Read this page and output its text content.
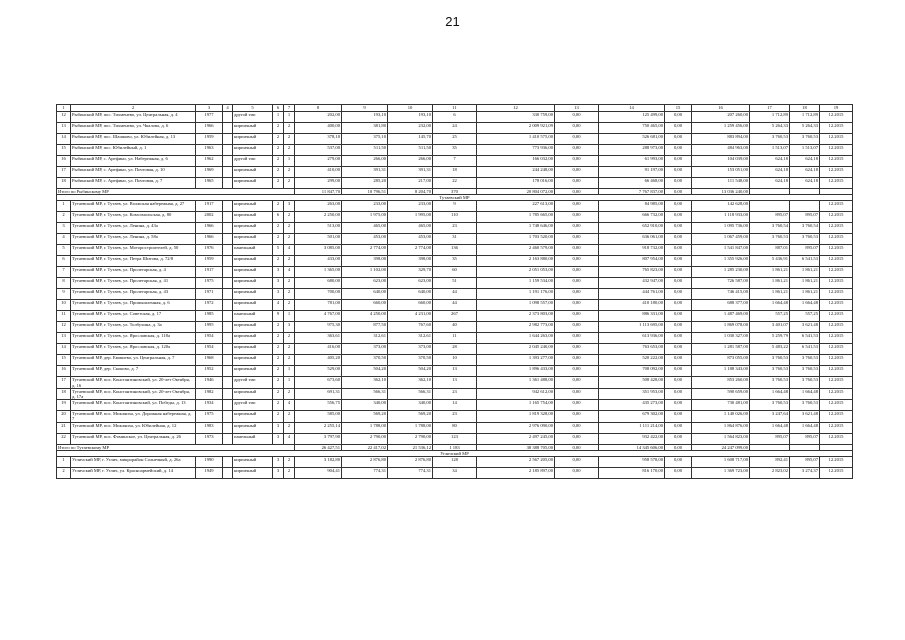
21
1	2	3	4	5	6	7	8	9	10	11	12	13	14	15	16	17	18	19
12	Рыбинский МР, пос. Тихменево, ул. Центральная, д. 4	1977		другой тип	1	1	202,00	193,10	193,10	6	330 759,00	0,00	125 499,00	0,00	207 260,00	1 712,89	1 712,89	12.2015
13	Рыбинский МР, пос. Тихменево, ул. Чкалова, д. 6	1966		кирпичный	2	2	400,00	381,80	232,00	24	2 009 921,09	0,00	750 465,00	0,00	1 259 456,00	5 264,33	5 264,33	12.2015
14	Рыбинский МР, пос. Шашково, ул. Юбилейная, д. 13	1959		кирпичный	2	2	378,10	375,10	145,70	25	1 410 575,00	0,00	526 681,00	0,00	883 894,00	3 760,53	3 760,53	12.2015
15	Рыбинский МР, пос. Юбилейный, д. 1	1963		кирпичный	2	2	537,00	511,50	511,50	35	773 936,00	0,00	288 973,00	0,00	484 963,00	1 513,07	1 513,07	12.2015
16	Рыбинский МР, с. Арефино, ул. Набережная, д. 6	1962		другой тип	2	1	279,00	266,00	266,00	7	166 032,00	0,00	61 993,00	0,00	104 039,00	624,18	624,18	12.2015
17	Рыбинский МР, с. Арефино, ул. Почтовая, д. 10	1969		кирпичный	2	2	410,00	391,31	391,31	18	244 248,00	0,00	91 197,00	0,00	153 051,00	624,18	624,18	12.2015
18	Рыбинский МР, с. Арефино, ул. Почтовая, д. 7	1965		кирпичный	2	2	299,00	285,20	217,00	22	178 016,00	0,00	66 468,00	0,00	111 548,00	624,18	624,18	12.2015
Итого по Рыбинскому МР							11 847,70	10 796,51	8 204,70	370	20 804 072,00	0,00	7 767 837,00	0,00	13 036 240,00			
Тутаевский МР																		
1	Тутаевский МР, г. Тутаев, ул. Волжская набережная, д. 27	1917		кирпичный	2	3	263,00	233,00	233,00	9	227 613,00	0,00	84 985,00	0,00	142 628,00			12.2015
2	Тутаевский МР, г. Тутаев, ул. Комсомольская, д. 80	2002		кирпичный	6	2	2 250,00	1 975,00	1 995,00	110	1 785 665,00	0,00	666 732,00	0,00	1 118 933,00	895,07	895,07	12.2015
3	Тутаевский МР, г. Тутаев, ул. Ленина, д. 43а	1966		кирпичный	2	2	513,00	465,00	465,00	23	1 748 646,00	0,00	652 910,00	0,00	1 095 736,00	3 760,54	3 760,54	12.2015
4	Тутаевский МР, г. Тутаев, ул. Ленина, д. 58а	1966		кирпичный	2	2	501,00	453,00	453,00	31	1 703 520,00	0,00	636 061,00	0,00	1 067 459,00	3 760,53	3 760,53	12.2015
5	Тутаевский МР, г. Тутаев, ул. Моторостроителей, д. 50	1976		панельный	5	4	3 085,00	2 774,00	2 774,00	136	2 460 579,00	0,00	918 732,00	0,00	1 541 847,00	887,01	895,07	12.2015
6	Тутаевский МР, г. Тутаев, ул. Петра Шитова, д. 72/8	1959		кирпичный	2	2	433,00	398,00	398,00	35	2 163 880,00	0,00	807 954,00	0,00	1 355 926,00	5 436,91	6 541,53	12.2015
7	Тутаевский МР, г. Тутаев, ул. Пролетарская, д. 4	1917		кирпичный	3	4	1 365,00	1 102,00	329,70	60	2 051 053,00	0,00	765 823,00	0,00	1 285 230,00	1 861,21	1 861,21	12.2015
8	Тутаевский МР, г. Тутаев, ул. Пролетарская, д. 41	1975		кирпичный	3	2	680,00	623,00	623,00	51	1 159 534,00	0,00	432 947,00	0,00	726 587,00	1 861,21	1 861,21	12.2015
9	Тутаевский МР, г. Тутаев, ул. Пролетарская, д. 43	1971		кирпичный	3	2	700,00	640,00	640,00	44	1 191 176,00	0,00	444 761,00	0,00	746 415,00	1 861,21	1 861,21	12.2015
10	Тутаевский МР, г. Тутаев, ул. Промышленная, д. 6	1972		кирпичный	4	2	781,00	660,00	660,00	44	1 098 557,00	0,00	410 180,00	0,00	688 377,00	1 664,48	1 664,48	12.2015
11	Тутаевский МР, г. Тутаев, ул. Советская, д. 17	1985		панельный	9	1	4 767,00	4 250,00	4 231,00	267	2 373 803,00	0,00	886 331,00	0,00	1 487 469,00	557,25	557,25	12.2015
12	Тутаевский МР, г. Тутаев, ул. Толбухина, д. 3а	1995		кирпичный	2	3	975,30	877,50	767,60	40	2 982 773,00	0,00	1 113 695,00	0,00	1 869 078,00	3 401,07	3 621,48	12.2015
13	Тутаевский МР, г. Тутаев, ул. Ярославская, д. 118а	1954		кирпичный	2	2	363,61	312,61	312,61	11	1 644 263,00	0,00	613 936,00	0,00	1 030 327,00	5 259,79	6 541,53	12.2015
14	Тутаевский МР, г. Тутаев, ул. Ярославская, д. 120а	1954		кирпичный	2	2	416,00	373,00	373,00	28	2 045 240,00	0,00	763 653,00	0,00	1 281 587,00	5 483,22	6 541,53	12.2015
15	Тутаевский МР, дер. Емишево, ул. Центральная, д. 7	1968		кирпичный	2	2	405,20	370,50	370,50	10	1 393 277,00	0,00	520 222,00	0,00	873 055,00	3 760,53	3 760,53	12.2015
16	Тутаевский МР, дер. Скоково, д. 7	1952		кирпичный	2	1	529,00	504,20	504,20	13	1 896 433,00	0,00	708 092,00	0,00	1 188 343,00	3 760,53	3 760,53	12.2015
17	Тутаевский МР, пос. Константиновский, ул. 20-лет Октября, д. 16	1946		другой тип	2	1	673,60	362,10	362,10	13	1 361 488,00	0,00	508 428,00	0,00	853 260,00	3 760,53	3 760,53	12.2015
18	Тутаевский МР, пос. Константиновский, ул. 20-лет Октября, д. 17а	1982		кирпичный	2	2	691,31	566,31	566,31	23	942 612,00	0,00	351 953,00	0,00	590 659,00	1 664,48	1 664,48	12.2015
19	Тутаевский МР, пос. Константиновский, ул. Победы, д. 13	1934		другой тип	2	4	556,75	340,00	340,00	14	1 165 754,00	0,00	435 273,00	0,00	730 481,00	3 760,53	3 760,53	12.2015
20	Тутаевский МР, пос. Микляиха, ул. Дорожная набережная, д. 7	1975		кирпичный	2	2	585,00	569,20	569,20	23	1 819 328,00	0,00	679 302,00	0,00	1 140 026,00	3 247,64	3 621,48	12.2015
21	Тутаевский МР, пос. Микляиха, ул. Юбилейная, д. 12	1983		кирпичный	3	2	2 255,14	1 788,00	1 788,00	80	2 976 090,00	0,00	1 111 214,00	0,00	1 864 876,00	1 664,48	1 664,48	12.2015
22	Тутаевский МР, пос. Фоминское, ул. Центральная, д. 26	1973		панельный	3	4	3 797,90	2 790,00	2 790,00	123	2 497 245,00	0,00	932 422,00	0,00	1 564 823,00	895,07	895,07	12.2015
Итого по Тутаевскому МР							26 427,51	22 417,02	21 536,12	1 183	38 388 705,00	0,00	14 345 606,00	0,00	24 247 099,00			
Угличский МР																		
1	Угличский МР, г. Углич, микрорайон Солнечный, д. 26а	1990		кирпичный	3	2	3 182,80	2 876,80	2 876,80	128	2 567 205,00	0,00	958 578,00	0,00	1 608 717,00	892,41	895,07	12.2015
2	Угличский МР, г. Углич, ул. Красноармейский, д. 14	1949		кирпичный	3	2	904,41	774,31	774,31	34	2 185 897,00	0,00	816 170,00	0,00	1 369 723,00	2 823,02	3 274,37	12.2015
